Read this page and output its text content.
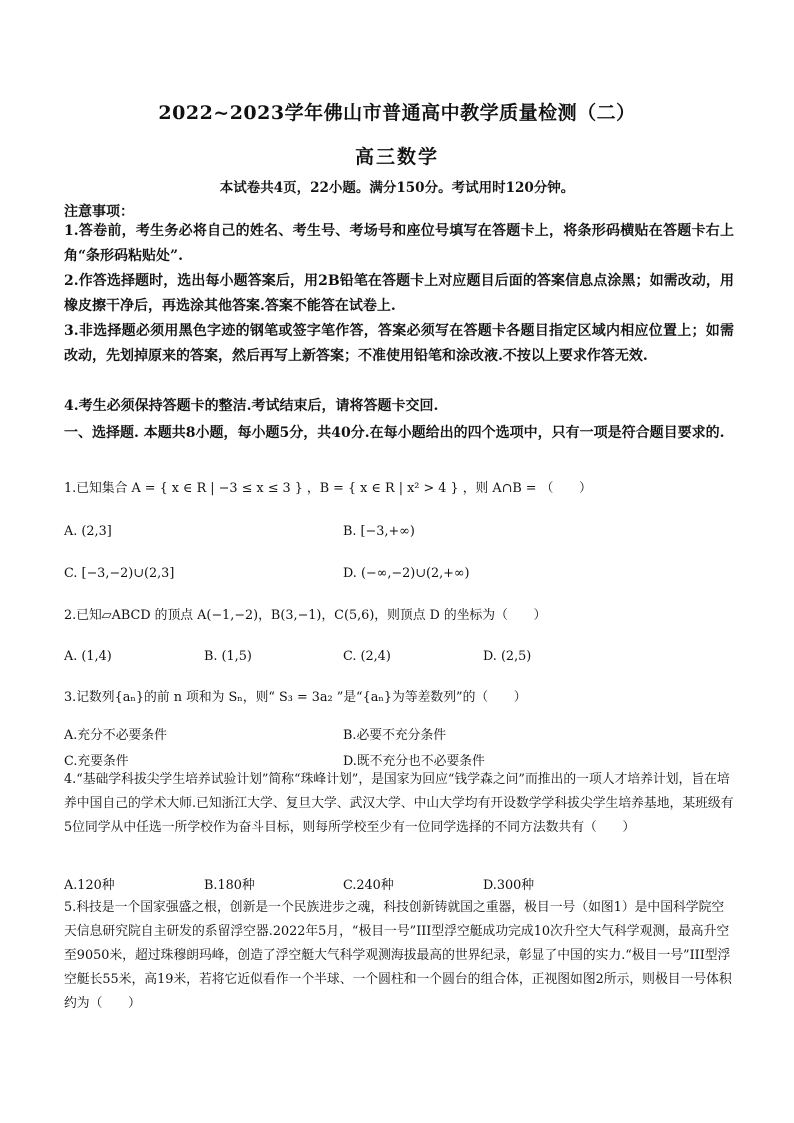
2022~2023学年佛山市普通高中教学质量检测（二）
高三数学
本试卷共4页，22小题。满分150分。考试用时120分钟。
注意事项：

1.答卷前，考生务必将自己的姓名、考生号、考场号和座位号填写在答题卡上，将条形码横贴在答题卡右上角“条形码粘贴处”.

2.作答选择题时，选出每小题答案后，用2B铅笔在答题卡上对应题目后面的答案信息点涂黑；如需改动，用橡皮擦干净后，再选涂其他答案.答案不能答在试卷上.

3.非选择题必须用黑色字迹的钢笔或签字笔作答，答案必须写在答题卡各题目指定区域内相应位置上；如需改动，先划掉原来的答案，然后再写上新答案；不准使用铅笔和涂改液.不按以上要求作答无效.

4.考生必须保持答题卡的整洁.考试结束后，请将答题卡交回.

一、选择题. 本题共8小题，每小题5分，共40分.在每小题给出的四个选项中，只有一项是符合题目要求的.

1.已知集合 A = { x ∈ R | −3 ≤ x ≤ 3 } ，B = { x ∈ R | x² > 4 } ，则 A∩B = （　　）

A. (2,3]	B. [−3,+∞)
C. [−3,−2)∪(2,3]	D. (−∞,−2)∪(2,+∞)

2.已知▱ABCD 的顶点 A(−1,−2)，B(3,−1)，C(5,6)，则顶点 D 的坐标为（　　）

A. (1,4)	B. (1,5)	C. (2,4)	D. (2,5)

3.记数列{aₙ}的前 n 项和为 Sₙ，则“ S₃ = 3a₂ ”是“{aₙ}为等差数列”的（　　）

A.充分不必要条件	B.必要不充分条件
C.充要条件	D.既不充分也不必要条件

4.“基础学科拔尖学生培养试验计划”简称“珠峰计划”，是国家为回应“钱学森之问”而推出的一项人才培养计划，旨在培养中国自己的学术大师.已知浙江大学、复旦大学、武汉大学、中山大学均有开设数学学科拔尖学生培养基地，某班级有5位同学从中任选一所学校作为奋斗目标，则每所学校至少有一位同学选择的不同方法数共有（　　）

A.120种	B.180种	C.240种	D.300种

5.科技是一个国家强盛之根，创新是一个民族进步之魂，科技创新铸就国之重器，极目一号（如图1）是中国科学院空天信息研究院自主研发的系留浮空器.2022年5月，“极目一号”III型浮空艇成功完成10次升空大气科学观测，最高升空至9050米，超过珠穆朗玛峰，创造了浮空艇大气科学观测海拔最高的世界纪录，彰显了中国的实力.“极目一号”III型浮空艇长55米，高19米，若将它近似看作一个半球、一个圆柱和一个圆台的组合体，正视图如图2所示，则极目一号体积约为（　　）
